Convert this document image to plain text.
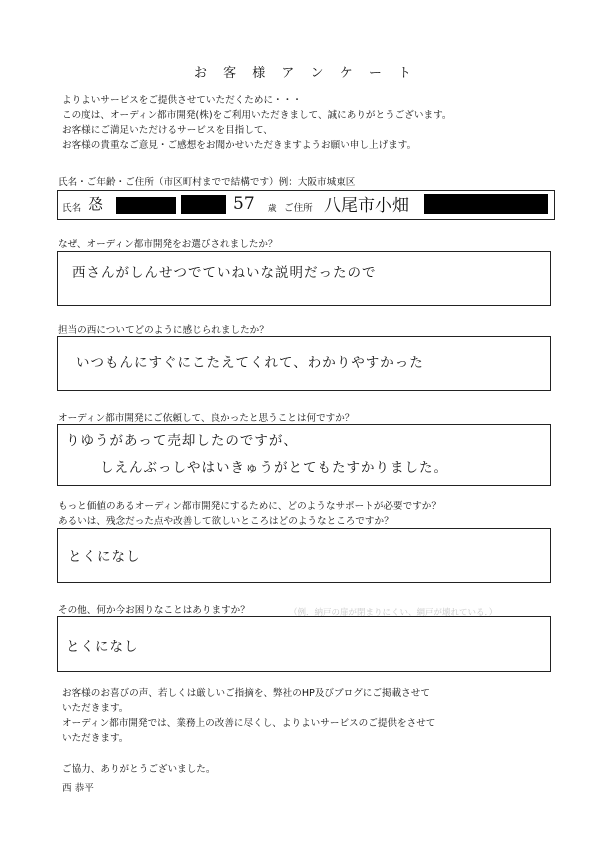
お 客 様 ア ン ケ ー ト
よりよいサービスをご提供させていただくために・・・
この度は、オーディン都市開発(株)をご利用いただきまして、誠にありがとうございます。
お客様にご満足いただけるサービスを目指して、
お客様の貴重なご意見・ご感想をお聞かせいただきますようお願い申し上げます。
氏名・ご年齢・ご住所（市区町村までで結構です）例：大阪市城東区
氏名 㤂	57 歳 ご住所 八尾市小畑
なぜ、オーディン都市開発をお選びされましたか？
西さんがしんせつでていねいな説明だったので
担当の西についてどのように感じられましたか？
いつもんにすぐにこたえてくれて、わかりやすかった
オーディン都市開発にご依頼して、良かったと思うことは何ですか？
りゆうがあって売却したのですが、
しえんぶっしやはいきゅうがとてもたすかりました。
もっと価値のあるオーディン都市開発にするために、どのようなサポートが必要ですか？
あるいは、残念だった点や改善して欲しいところはどのようなところですか？
とくになし
その他、何か今お困りなことはありますか？	（例．納戸の扉が閉まりにくい、網戸が壊れている．）
とくになし
お客様のお喜びの声、若しくは厳しいご指摘を、弊社のHP及びブログにご掲載させて
いただきます。
オーディン都市開発では、業務上の改善に尽くし、よりよいサービスのご提供をさせて
いただきます。
ご協力、ありがとうございました。
西 恭平
